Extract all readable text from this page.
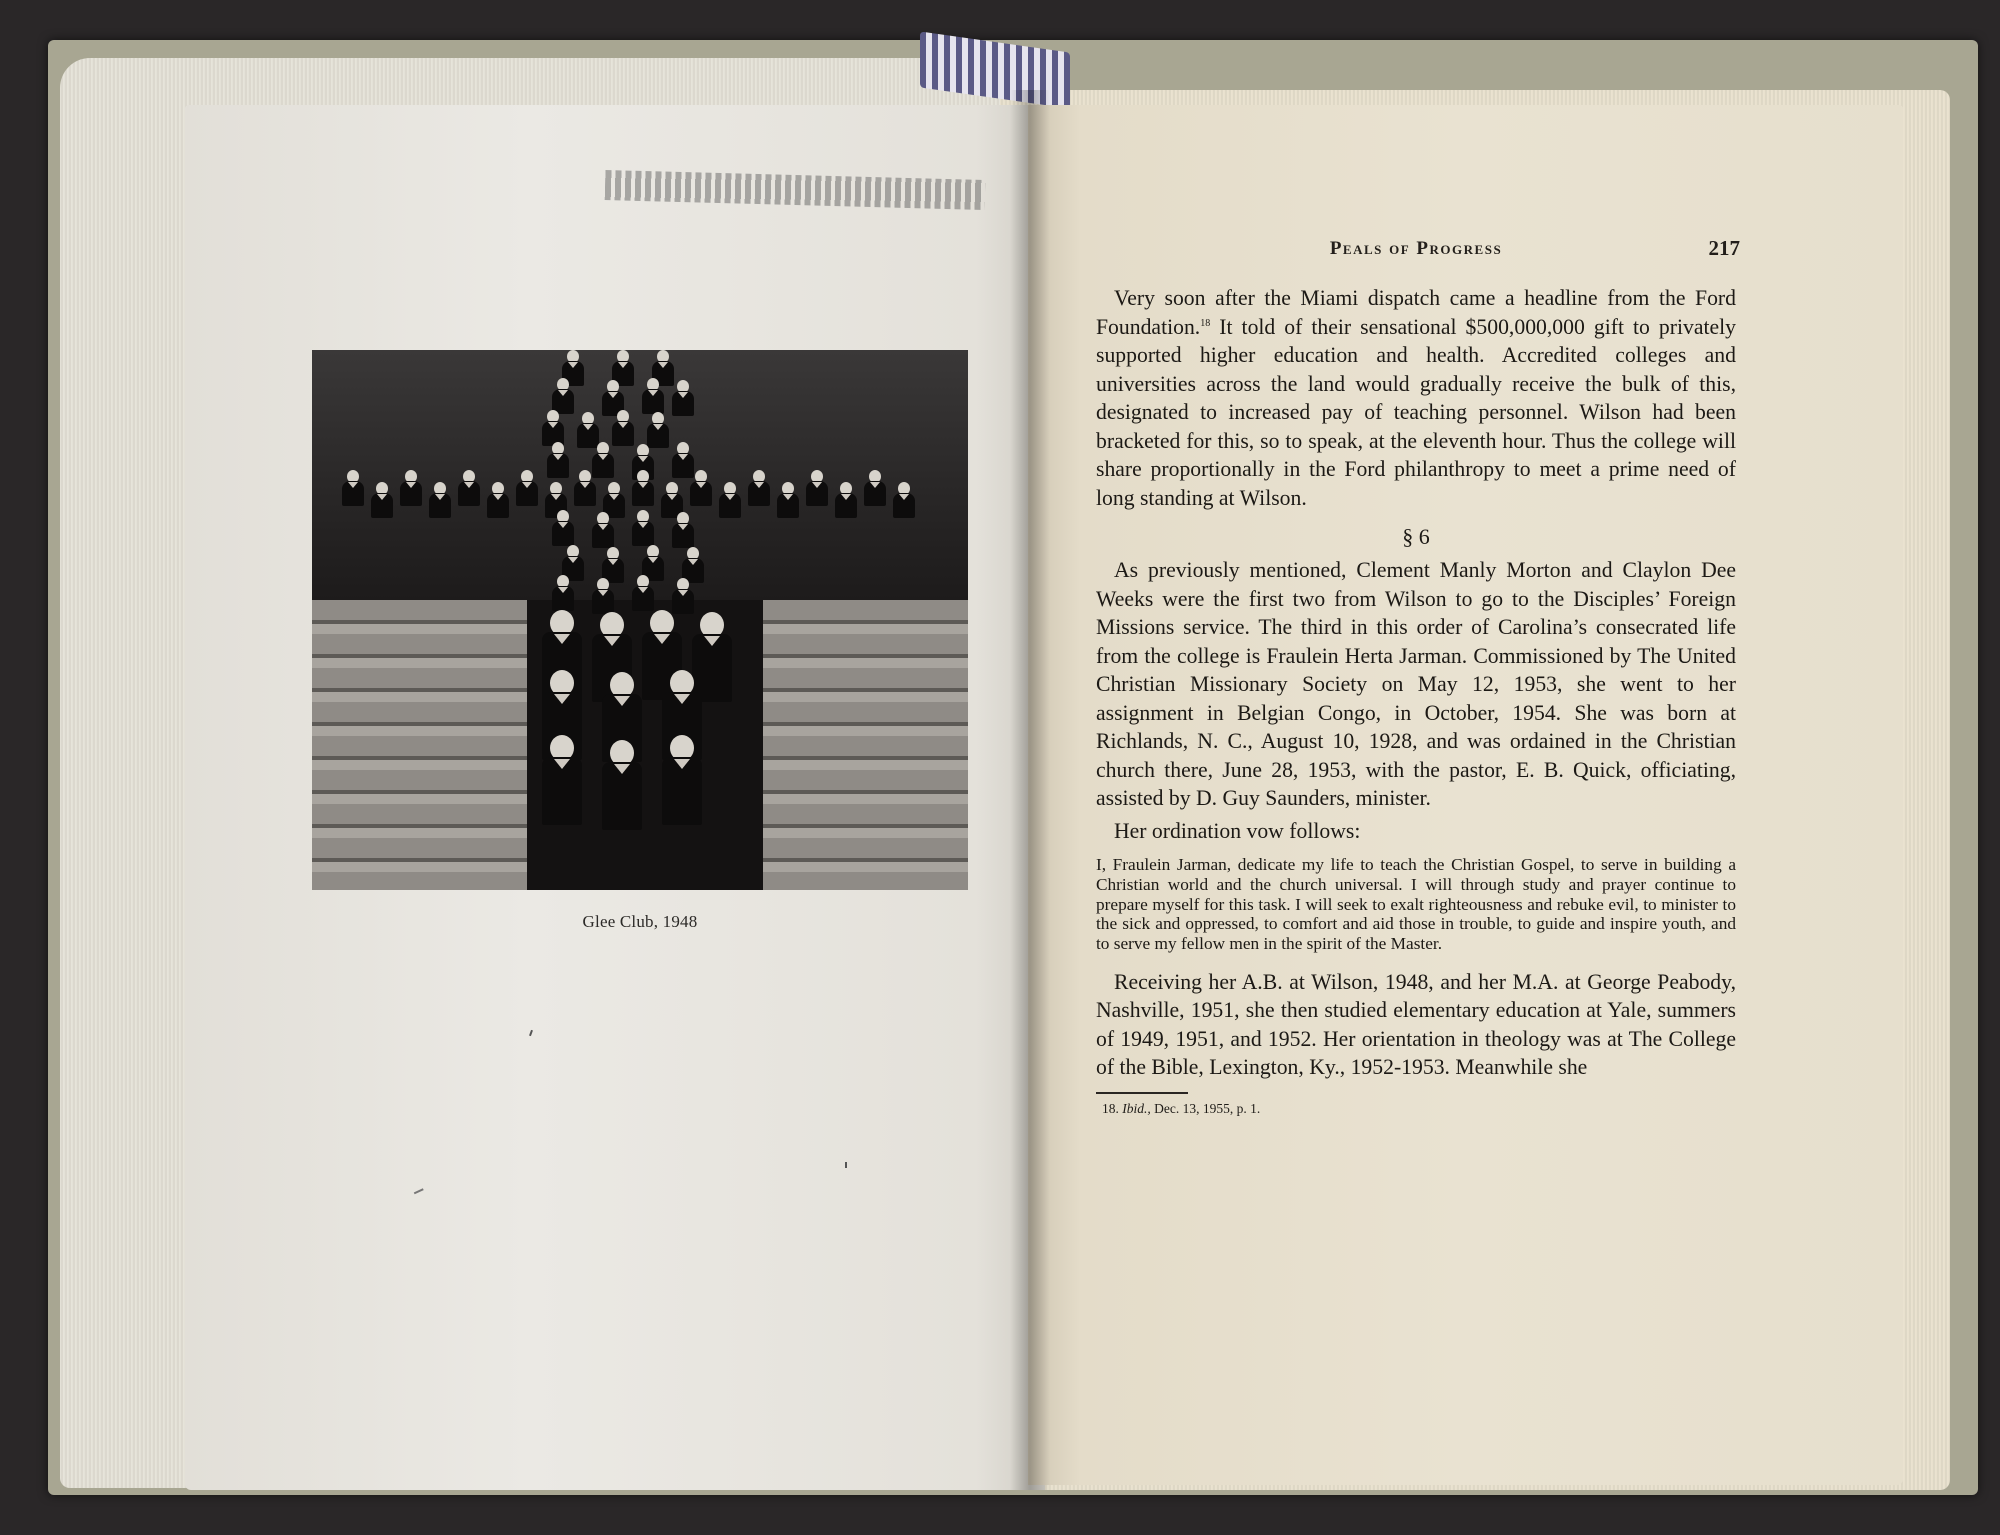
Glee Club, 1948
Peals of Progress	217

Very soon after the Miami dispatch came a headline from the Ford Foundation.$^{18}$ It told of their sensational $500,000,000 gift to privately supported higher education and health. Accredited colleges and universities across the land would gradually receive the bulk of this, designated to increased pay of teaching personnel. Wilson had been bracketed for this, so to speak, at the eleventh hour. Thus the college will share proportionally in the Ford philanthropy to meet a prime need of long standing at Wilson.

§ 6

As previously mentioned, Clement Manly Morton and Claylon Dee Weeks were the first two from Wilson to go to the Disciples’ Foreign Missions service. The third in this order of Carolina’s consecrated life from the college is Fraulein Herta Jarman. Commissioned by The United Christian Missionary Society on May 12, 1953, she went to her assignment in Belgian Congo, in October, 1954. She was born at Richlands, N. C., August 10, 1928, and was ordained in the Christian church there, June 28, 1953, with the pastor, E. B. Quick, officiating, assisted by D. Guy Saunders, minister.

Her ordination vow follows:

I, Fraulein Jarman, dedicate my life to teach the Christian Gospel, to serve in building a Christian world and the church universal. I will through study and prayer continue to prepare myself for this task. I will seek to exalt righteousness and rebuke evil, to minister to the sick and oppressed, to comfort and aid those in trouble, to guide and inspire youth, and to serve my fellow men in the spirit of the Master.

Receiving her A.B. at Wilson, 1948, and her M.A. at George Peabody, Nashville, 1951, she then studied elementary education at Yale, summers of 1949, 1951, and 1952. Her orientation in theology was at The College of the Bible, Lexington, Ky., 1952-1953. Meanwhile she

18. Ibid., Dec. 13, 1955, p. 1.
